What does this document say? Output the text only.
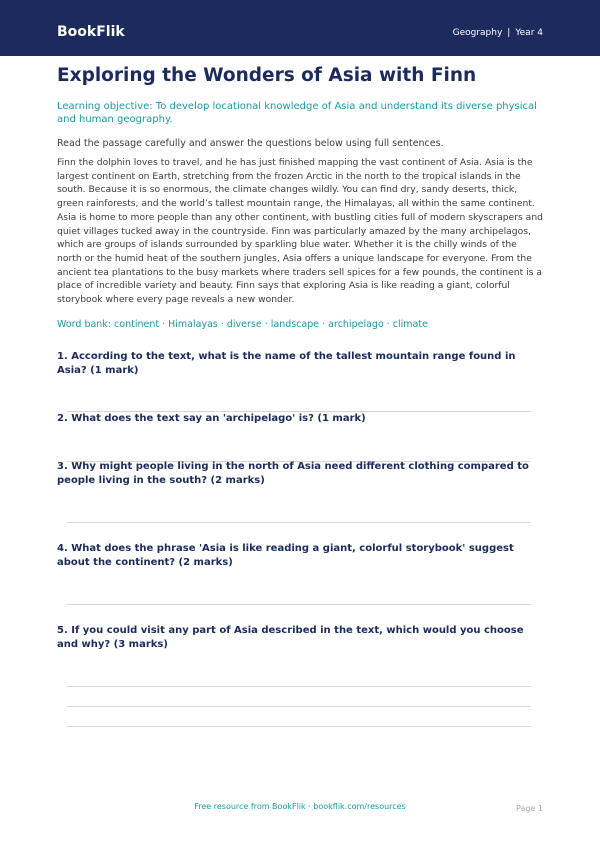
BookFlik	Geography | Year 4
Exploring the Wonders of Asia with Finn
Learning objective: To develop locational knowledge of Asia and understand its diverse physical and human geography.
Read the passage carefully and answer the questions below using full sentences.
Finn the dolphin loves to travel, and he has just finished mapping the vast continent of Asia. Asia is the largest continent on Earth, stretching from the frozen Arctic in the north to the tropical islands in the south. Because it is so enormous, the climate changes wildly. You can find dry, sandy deserts, thick, green rainforests, and the world’s tallest mountain range, the Himalayas, all within the same continent. Asia is home to more people than any other continent, with bustling cities full of modern skyscrapers and quiet villages tucked away in the countryside. Finn was particularly amazed by the many archipelagos, which are groups of islands surrounded by sparkling blue water. Whether it is the chilly winds of the north or the humid heat of the southern jungles, Asia offers a unique landscape for everyone. From the ancient tea plantations to the busy markets where traders sell spices for a few pounds, the continent is a place of incredible variety and beauty. Finn says that exploring Asia is like reading a giant, colorful storybook where every page reveals a new wonder.
Word bank: continent · Himalayas · diverse · landscape · archipelago · climate
1. According to the text, what is the name of the tallest mountain range found in Asia? (1 mark)
2. What does the text say an 'archipelago' is? (1 mark)
3. Why might people living in the north of Asia need different clothing compared to people living in the south? (2 marks)
4. What does the phrase 'Asia is like reading a giant, colorful storybook' suggest about the continent? (2 marks)
5. If you could visit any part of Asia described in the text, which would you choose and why? (3 marks)
Free resource from BookFlik · bookflik.com/resources	Page 1
